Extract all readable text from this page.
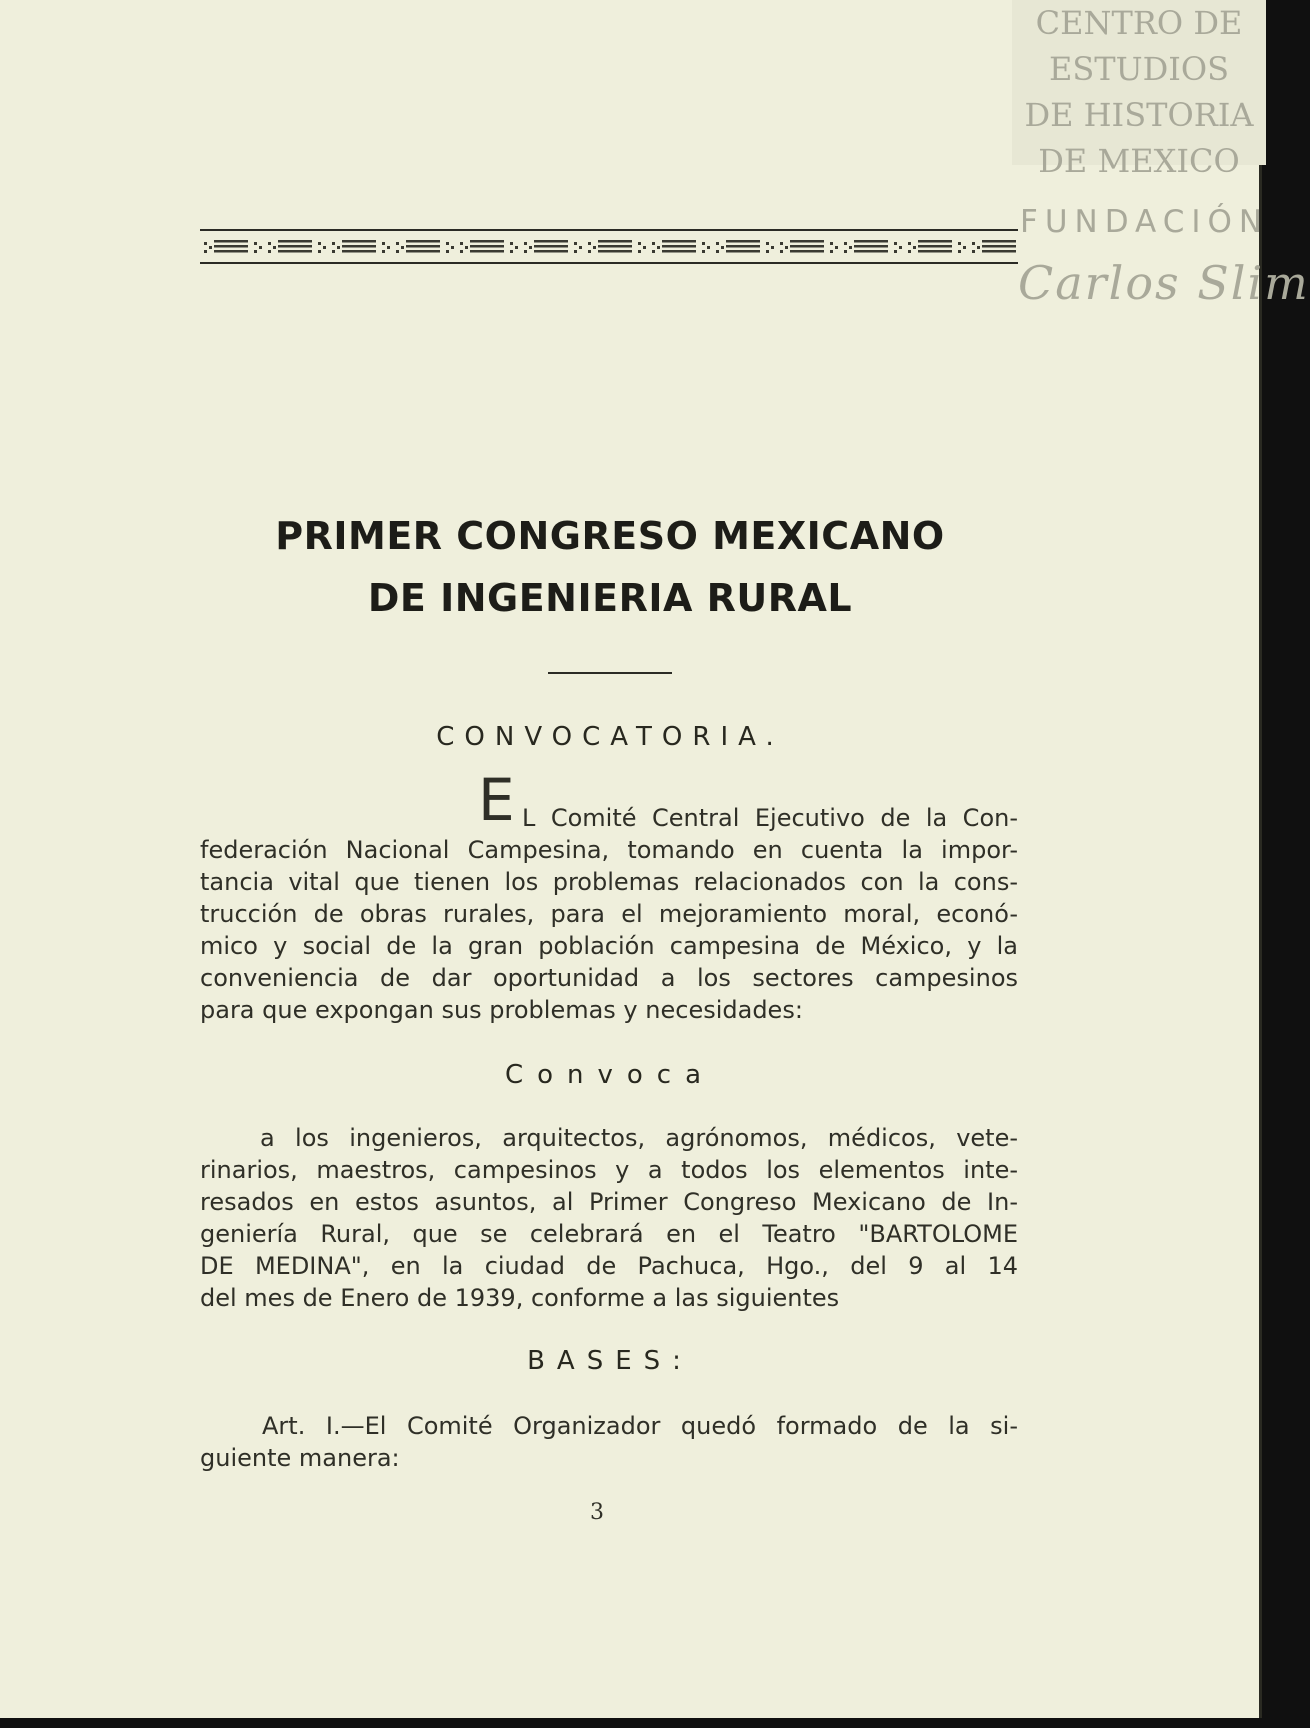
CENTRO DE
ESTUDIOS
DE HISTORIA
DE MEXICO
FUNDACIÓN
Carlos Slim
PRIMER CONGRESO MEXICANO
DE INGENIERIA RURAL
CONVOCATORIA.
E L Comité Central Ejecutivo de la Con-
federación Nacional Campesina, tomando en cuenta la impor-
tancia vital que tienen los problemas relacionados con la cons-
trucción de obras rurales, para el mejoramiento moral, econó-
mico y social de la gran población campesina de México, y la
conveniencia de dar oportunidad a los sectores campesinos
para que expongan sus problemas y necesidades:
Convoca
a los ingenieros, arquitectos, agrónomos, médicos, vete-
rinarios, maestros, campesinos y a todos los elementos inte-
resados en estos asuntos, al Primer Congreso Mexicano de In-
geniería Rural, que se celebrará en el Teatro "BARTOLOME
DE MEDINA", en la ciudad de Pachuca, Hgo., del 9 al 14
del mes de Enero de 1939, conforme a las siguientes
BASES:
Art. I.—El Comité Organizador quedó formado de la si-
guiente manera:
3
